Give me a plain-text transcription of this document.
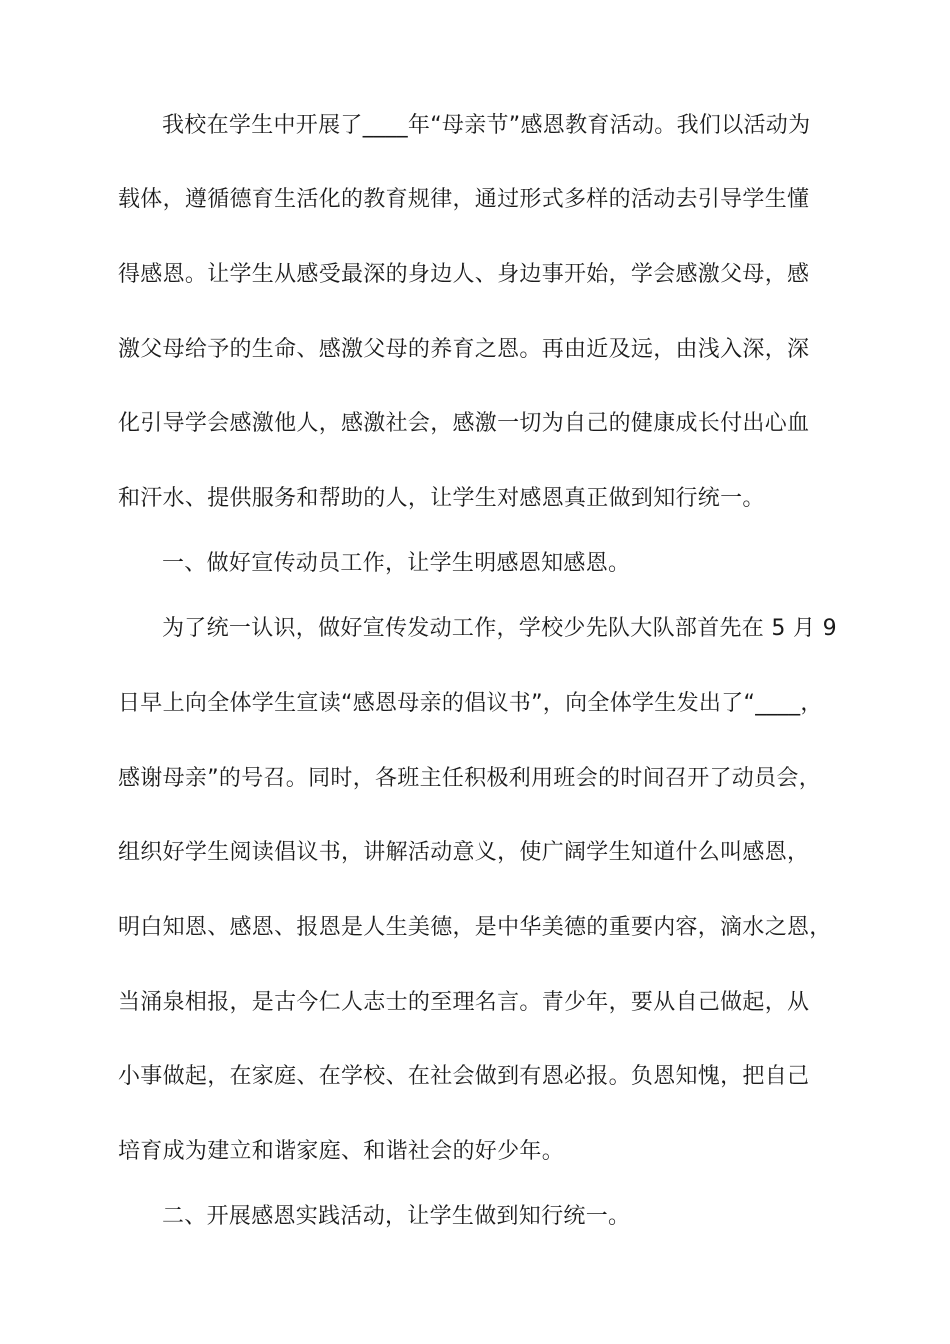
我校在学生中开展了____年“母亲节”感恩教育活动。我们以活动为
载体，遵循德育生活化的教育规律，通过形式多样的活动去引导学生懂
得感恩。让学生从感受最深的身边人、身边事开始，学会感激父母，感
激父母给予的生命、感激父母的养育之恩。再由近及远，由浅入深，深
化引导学会感激他人，感激社会，感激一切为自己的健康成长付出心血
和汗水、提供服务和帮助的人，让学生对感恩真正做到知行统一。
一、做好宣传动员工作，让学生明感恩知感恩。
为了统一认识，做好宣传发动工作，学校少先队大队部首先在 5 月 9
日早上向全体学生宣读“感恩母亲的倡议书”，向全体学生发出了“____，
感谢母亲”的号召。同时，各班主任积极利用班会的时间召开了动员会，
组织好学生阅读倡议书，讲解活动意义，使广阔学生知道什么叫感恩，
明白知恩、感恩、报恩是人生美德，是中华美德的重要内容，滴水之恩，
当涌泉相报，是古今仁人志士的至理名言。青少年，要从自己做起，从
小事做起，在家庭、在学校、在社会做到有恩必报。负恩知愧，把自己
培育成为建立和谐家庭、和谐社会的好少年。
二、开展感恩实践活动，让学生做到知行统一。
